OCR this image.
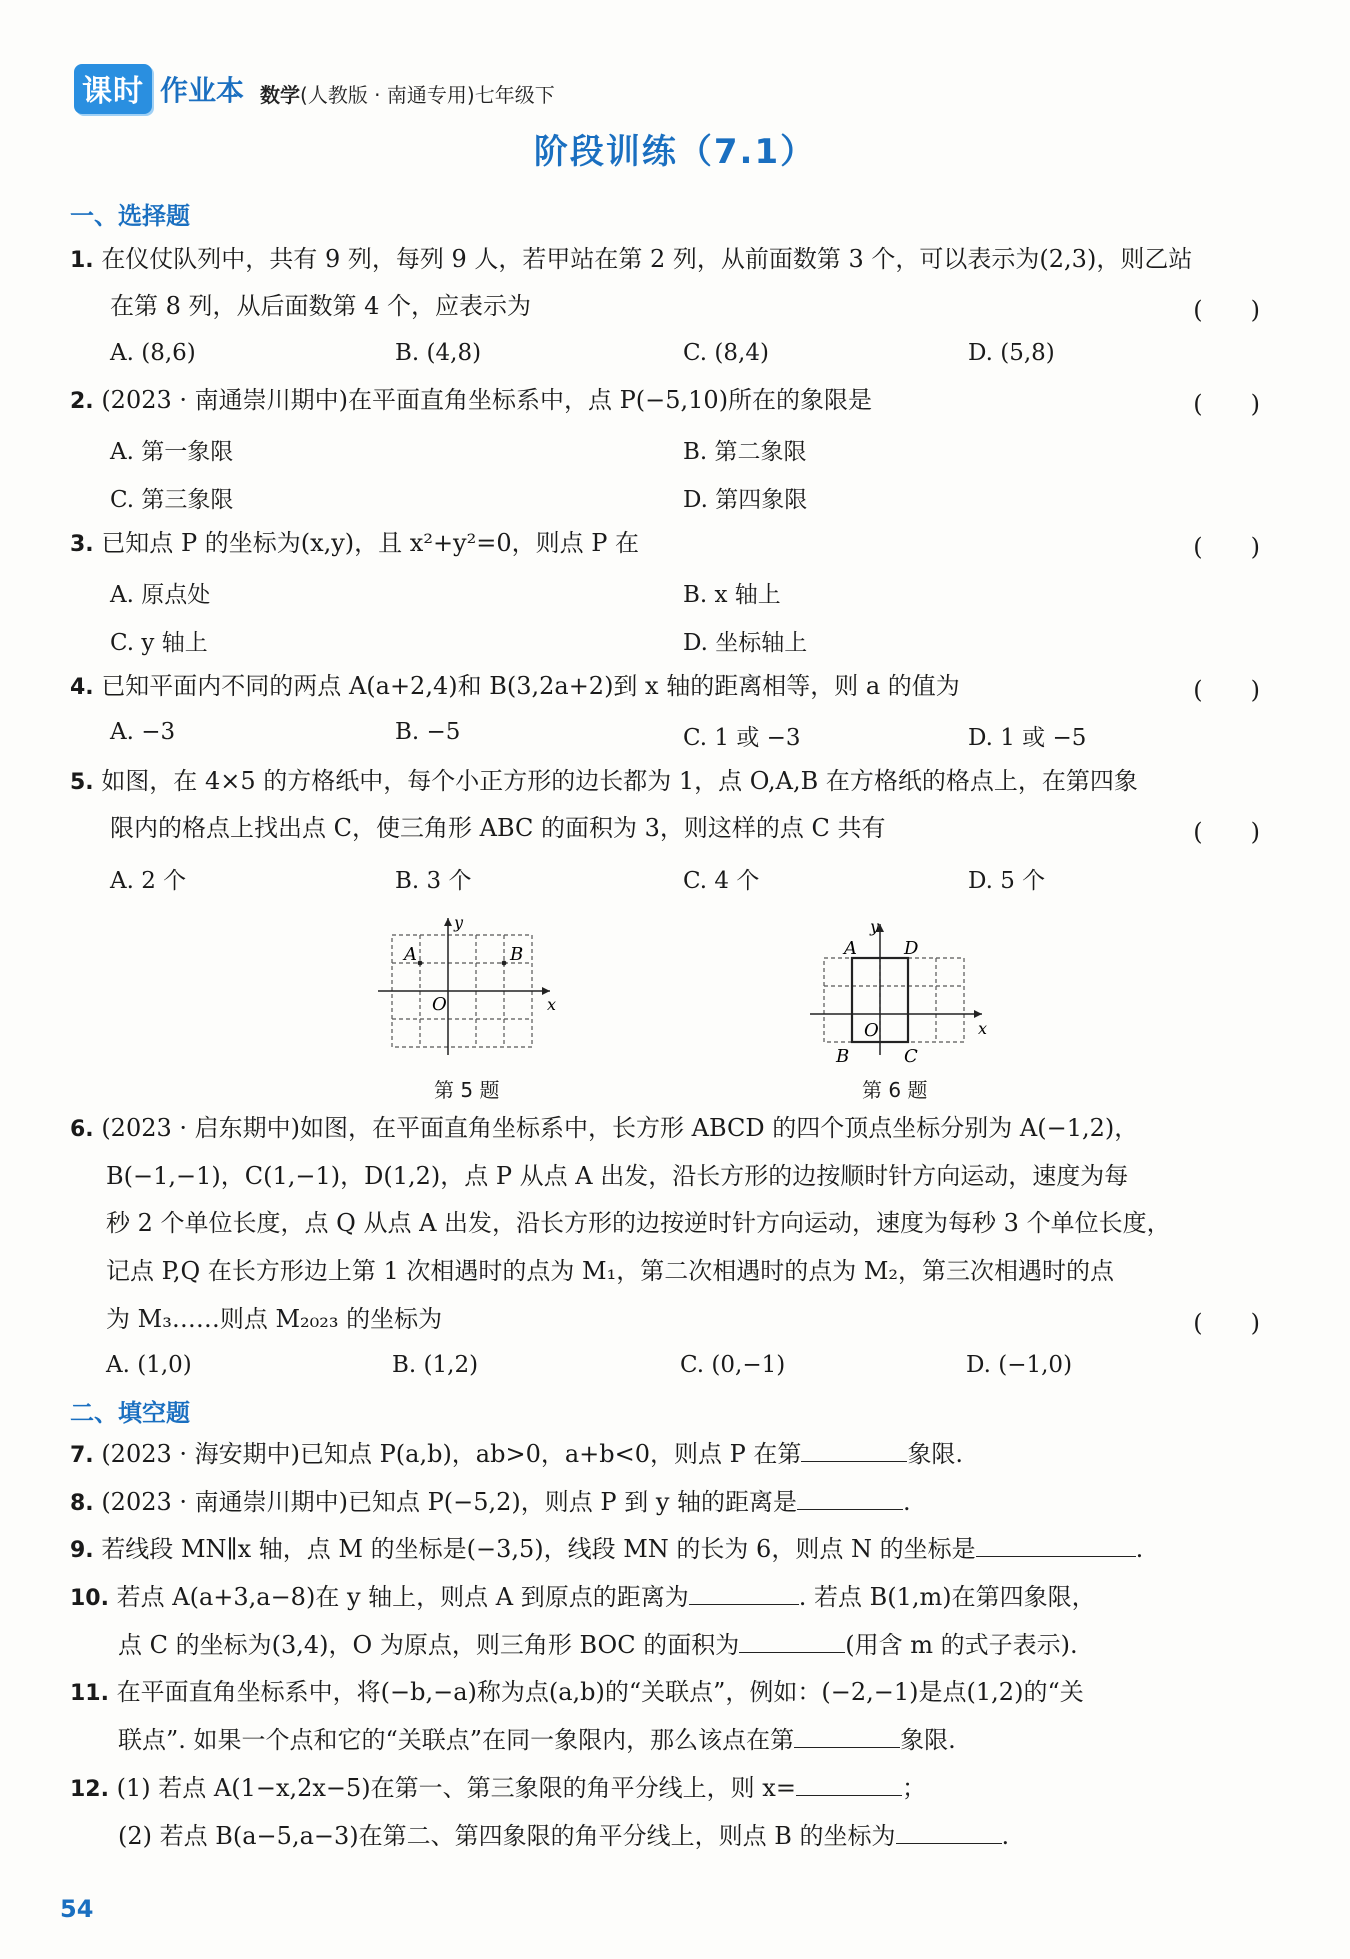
课时 作业本 数学(人教版 · 南通专用)七年级下
阶段训练（7.1）
一、选择题
1. 在仪仗队列中，共有 9 列，每列 9 人，若甲站在第 2 列，从前面数第 3 个，可以表示为(2,3)，则乙站
在第 8 列，从后面数第 4 个，应表示为	(　　)
A. (8,6)	B. (4,8)	C. (8,4)	D. (5,8)
2. (2023 · 南通崇川期中)在平面直角坐标系中，点 P(−5,10)所在的象限是	(　　)
A. 第一象限	B. 第二象限
C. 第三象限	D. 第四象限
3. 已知点 P 的坐标为(x,y)，且 x²+y²=0，则点 P 在	(　　)
A. 原点处	B. x 轴上
C. y 轴上	D. 坐标轴上
4. 已知平面内不同的两点 A(a+2,4)和 B(3,2a+2)到 x 轴的距离相等，则 a 的值为	(　　)
A. −3	B. −5	C. 1 或 −3	D. 1 或 −5
5. 如图，在 4×5 的方格纸中，每个小正方形的边长都为 1，点 O,A,B 在方格纸的格点上，在第四象
限内的格点上找出点 C，使三角形 ABC 的面积为 3，则这样的点 C 共有	(　　)
A. 2 个	B. 3 个	C. 4 个	D. 5 个
A	B
O	x
y
第 5 题
A	D
B	C
O	x
y
第 6 题
6. (2023 · 启东期中)如图，在平面直角坐标系中，长方形 ABCD 的四个顶点坐标分别为 A(−1,2)，
B(−1,−1)，C(1,−1)，D(1,2)，点 P 从点 A 出发，沿长方形的边按顺时针方向运动，速度为每
秒 2 个单位长度，点 Q 从点 A 出发，沿长方形的边按逆时针方向运动，速度为每秒 3 个单位长度，
记点 P,Q 在长方形边上第 1 次相遇时的点为 M₁，第二次相遇时的点为 M₂，第三次相遇时的点
为 M₃……则点 M₂₀₂₃ 的坐标为	(　　)
A. (1,0)	B. (1,2)	C. (0,−1)	D. (−1,0)
二、填空题
7. (2023 · 海安期中)已知点 P(a,b)，ab>0，a+b<0，则点 P 在第	象限.
8. (2023 · 南通崇川期中)已知点 P(−5,2)，则点 P 到 y 轴的距离是	.
9. 若线段 MN∥x 轴，点 M 的坐标是(−3,5)，线段 MN 的长为 6，则点 N 的坐标是	.
10. 若点 A(a+3,a−8)在 y 轴上，则点 A 到原点的距离为	. 若点 B(1,m)在第四象限，
点 C 的坐标为(3,4)，O 为原点，则三角形 BOC 的面积为	(用含 m 的式子表示).
11. 在平面直角坐标系中，将(−b,−a)称为点(a,b)的“关联点”，例如：(−2,−1)是点(1,2)的“关
联点”. 如果一个点和它的“关联点”在同一象限内，那么该点在第	象限.
12. (1) 若点 A(1−x,2x−5)在第一、第三象限的角平分线上，则 x=	；
(2) 若点 B(a−5,a−3)在第二、第四象限的角平分线上，则点 B 的坐标为	.
54
